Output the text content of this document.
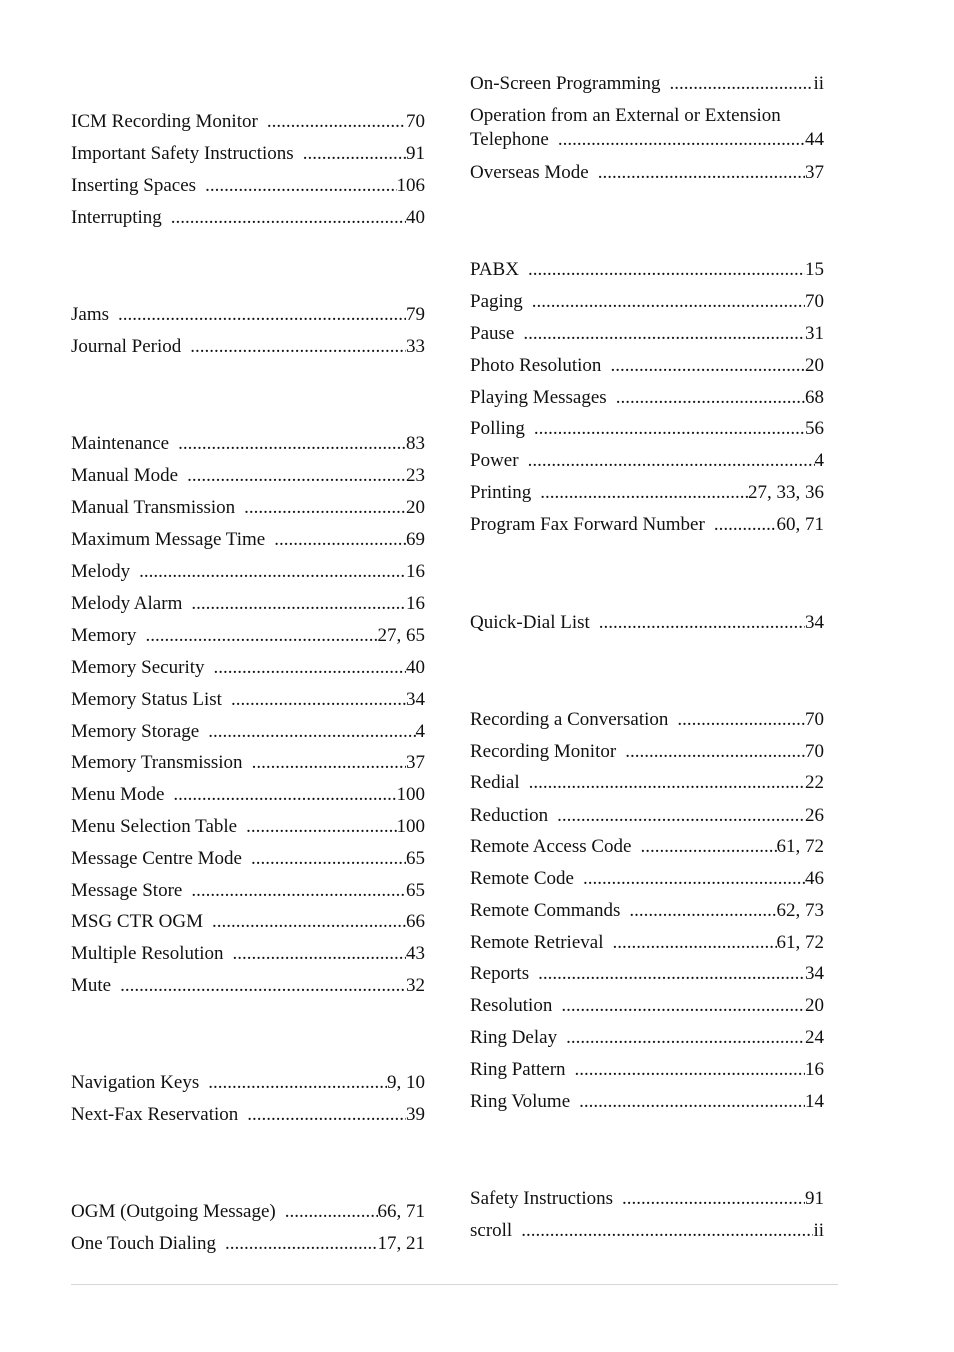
ICM Recording Monitor .....	70
Important Safety Instructions .....	91
Inserting Spaces .....	106
Interrupting .....	40
Jams .....	79
Journal Period .....	33
Maintenance .....	83
Manual Mode .....	23
Manual Transmission .....	20
Maximum Message Time .....	69
Melody .....	16
Melody Alarm .....	16
Memory .....	27, 65
Memory Security .....	40
Memory Status List .....	34
Memory Storage .....	4
Memory Transmission .....	37
Menu Mode .....	100
Menu Selection Table .....	100
Message Centre Mode .....	65
Message Store .....	65
MSG CTR OGM .....	66
Multiple Resolution .....	43
Mute .....	32
Navigation Keys .....	9, 10
Next-Fax Reservation .....	39
OGM (Outgoing Message) .....	66, 71
One Touch Dialing .....	17, 21
On-Screen Programming .....	ii
Operation from an External or Extension
Telephone .....	44
Overseas Mode .....	37
PABX .....	15
Paging .....	70
Pause .....	31
Photo Resolution .....	20
Playing Messages .....	68
Polling .....	56
Power .....	4
Printing .....	27, 33, 36
Program Fax Forward Number .....	60, 71
Quick-Dial List .....	34
Recording a Conversation .....	70
Recording Monitor .....	70
Redial .....	22
Reduction .....	26
Remote Access Code .....	61, 72
Remote Code .....	46
Remote Commands .....	62, 73
Remote Retrieval .....	61, 72
Reports .....	34
Resolution .....	20
Ring Delay .....	24
Ring Pattern .....	16
Ring Volume .....	14
Safety Instructions .....	91
scroll .....	ii
